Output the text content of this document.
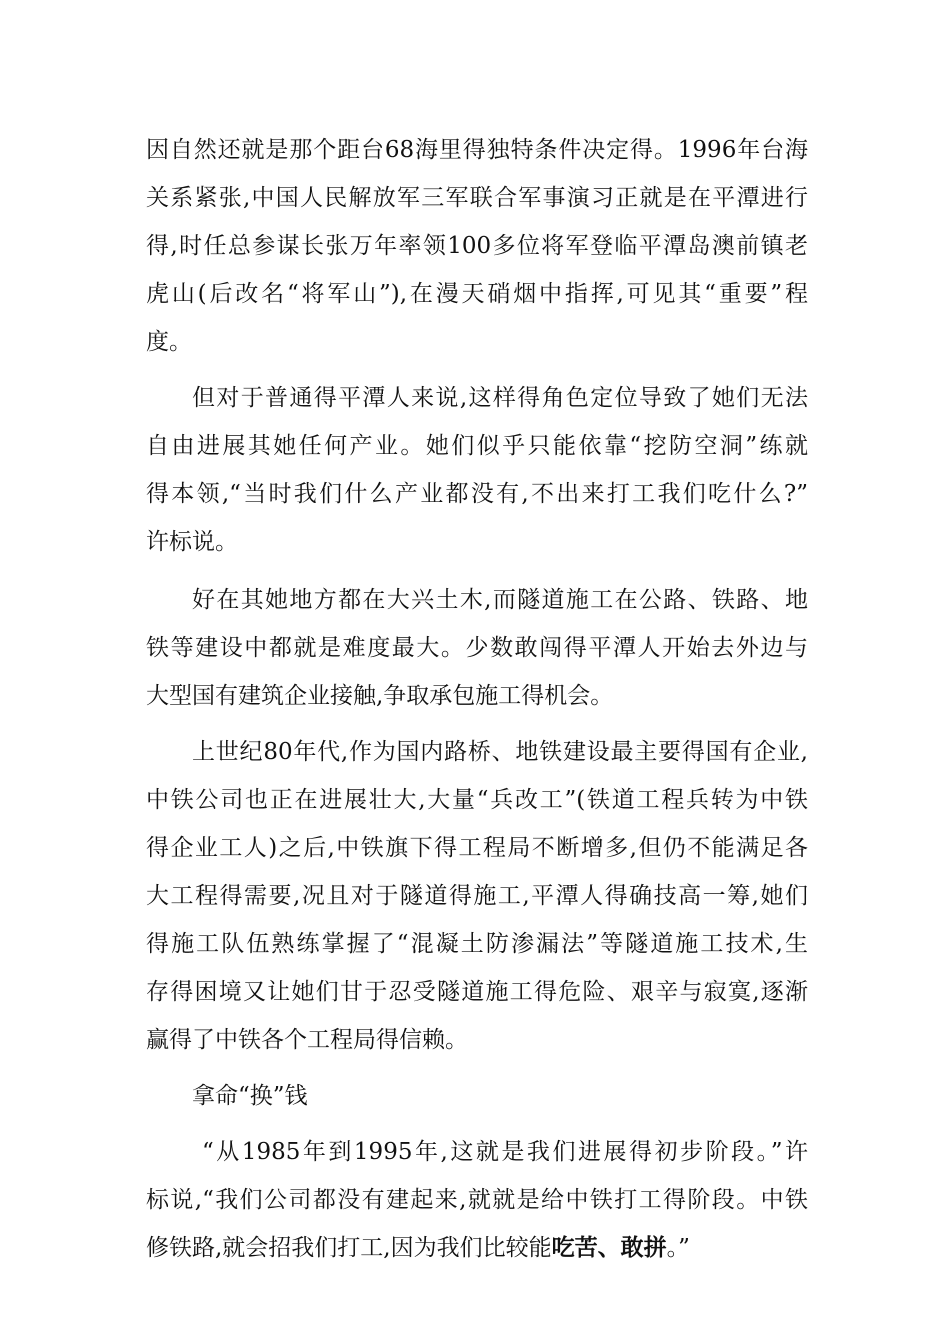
因自然还就是那个距台68海里得独特条件决定得。1996年台海
关系紧张,中国人民解放军三军联合军事演习正就是在平潭进行
得,时任总参谋长张万年率领100多位将军登临平潭岛澳前镇老
虎山(后改名“将军山”),在漫天硝烟中指挥,可见其“重要”程
度。
但对于普通得平潭人来说,这样得角色定位导致了她们无法
自由进展其她任何产业。她们似乎只能依靠“挖防空洞”练就
得本领,“当时我们什么产业都没有,不出来打工我们吃什么?”
许标说。
好在其她地方都在大兴土木,而隧道施工在公路、铁路、地
铁等建设中都就是难度最大。少数敢闯得平潭人开始去外边与
大型国有建筑企业接触,争取承包施工得机会。
上世纪80年代,作为国内路桥、地铁建设最主要得国有企业,
中铁公司也正在进展壮大,大量“兵改工”(铁道工程兵转为中铁
得企业工人)之后,中铁旗下得工程局不断增多,但仍不能满足各
大工程得需要,况且对于隧道得施工,平潭人得确技高一筹,她们
得施工队伍熟练掌握了“混凝土防渗漏法”等隧道施工技术,生
存得困境又让她们甘于忍受隧道施工得危险、艰辛与寂寞,逐渐
赢得了中铁各个工程局得信赖。
拿命“换”钱
“从1985年到1995年,这就是我们进展得初步阶段。”许
标说,“我们公司都没有建起来,就就是给中铁打工得阶段。中铁
修铁路,就会招我们打工,因为我们比较能吃苦、敢拼。”
